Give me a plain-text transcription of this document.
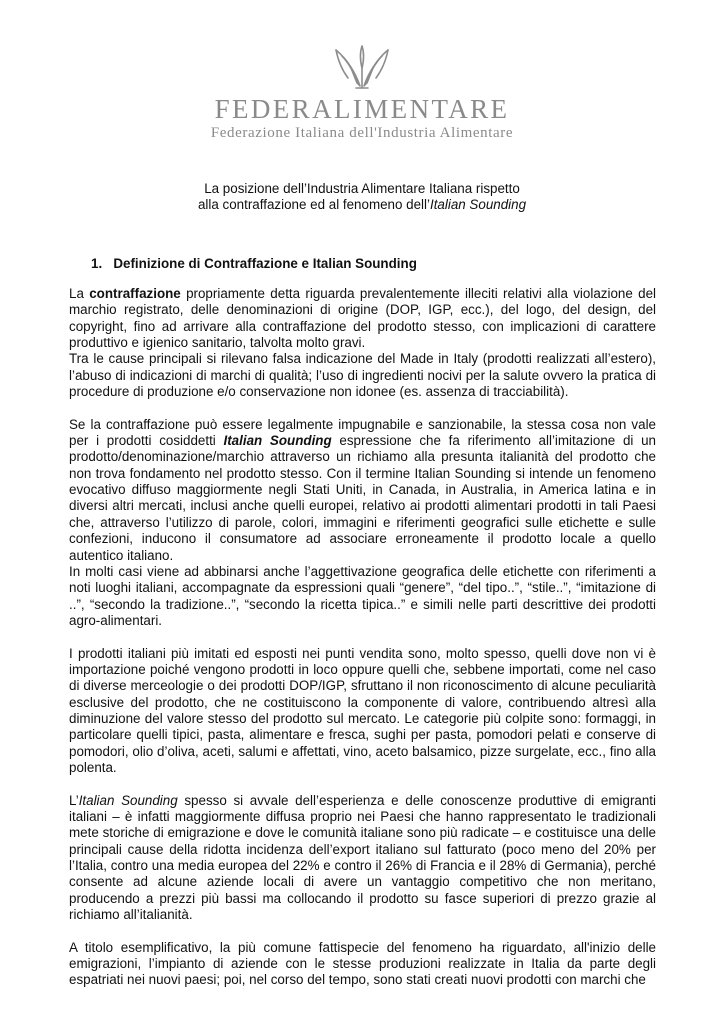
FEDERALIMENTARE
Federazione Italiana dell'Industria Alimentare
La posizione dell’Industria Alimentare Italiana rispetto
alla contraffazione ed al fenomeno dell’Italian Sounding
1. Definizione di Contraffazione e Italian Sounding

La contraffazione propriamente detta riguarda prevalentemente illeciti relativi alla violazione del marchio registrato, delle denominazioni di origine (DOP, IGP, ecc.), del logo, del design, del copyright, fino ad arrivare alla contraffazione del prodotto stesso, con implicazioni di carattere produttivo e igienico sanitario, talvolta molto gravi.

Tra le cause principali si rilevano falsa indicazione del Made in Italy (prodotti realizzati all’estero), l’abuso di indicazioni di marchi di qualità; l’uso di ingredienti nocivi per la salute ovvero la pratica di procedure di produzione e/o conservazione non idonee (es. assenza di tracciabilità).

Se la contraffazione può essere legalmente impugnabile e sanzionabile, la stessa cosa non vale per i prodotti cosiddetti Italian Sounding espressione che fa riferimento all’imitazione di un prodotto/denominazione/marchio attraverso un richiamo alla presunta italianità del prodotto che non trova fondamento nel prodotto stesso. Con il termine Italian Sounding si intende un fenomeno evocativo diffuso maggiormente negli Stati Uniti, in Canada, in Australia, in America latina e in diversi altri mercati, inclusi anche quelli europei, relativo ai prodotti alimentari prodotti in tali Paesi che, attraverso l’utilizzo di parole, colori, immagini e riferimenti geografici sulle etichette e sulle confezioni, inducono il consumatore ad associare erroneamente il prodotto locale a quello autentico italiano.

In molti casi viene ad abbinarsi anche l’aggettivazione geografica delle etichette con riferimenti a noti luoghi italiani, accompagnate da espressioni quali “genere”, “del tipo..”, “stile..”, “imitazione di ..”, “secondo la tradizione..”, “secondo la ricetta tipica..” e simili nelle parti descrittive dei prodotti agro-alimentari.

I prodotti italiani più imitati ed esposti nei punti vendita sono, molto spesso, quelli dove non vi è importazione poiché vengono prodotti in loco oppure quelli che, sebbene importati, come nel caso di diverse merceologie o dei prodotti DOP/IGP, sfruttano il non riconoscimento di alcune peculiarità esclusive del prodotto, che ne costituiscono la componente di valore, contribuendo altresì alla diminuzione del valore stesso del prodotto sul mercato. Le categorie più colpite sono: formaggi, in particolare quelli tipici, pasta, alimentare e fresca, sughi per pasta, pomodori pelati e conserve di pomodori, olio d’oliva, aceti, salumi e affettati, vino, aceto balsamico, pizze surgelate, ecc., fino alla polenta.

L’Italian Sounding spesso si avvale dell’esperienza e delle conoscenze produttive di emigranti italiani – è infatti maggiormente diffusa proprio nei Paesi che hanno rappresentato le tradizionali mete storiche di emigrazione e dove le comunità italiane sono più radicate – e costituisce una delle principali cause della ridotta incidenza dell’export italiano sul fatturato (poco meno del 20% per l’Italia, contro una media europea del 22% e contro il 26% di Francia e il 28% di Germania), perché consente ad alcune aziende locali di avere un vantaggio competitivo che non meritano, producendo a prezzi più bassi ma collocando il prodotto su fasce superiori di prezzo grazie al richiamo all’italianità.

A titolo esemplificativo, la più comune fattispecie del fenomeno ha riguardato, all'inizio delle emigrazioni, l’impianto di aziende con le stesse produzioni realizzate in Italia da parte degli espatriati nei nuovi paesi; poi, nel corso del tempo, sono stati creati nuovi prodotti con marchi che
